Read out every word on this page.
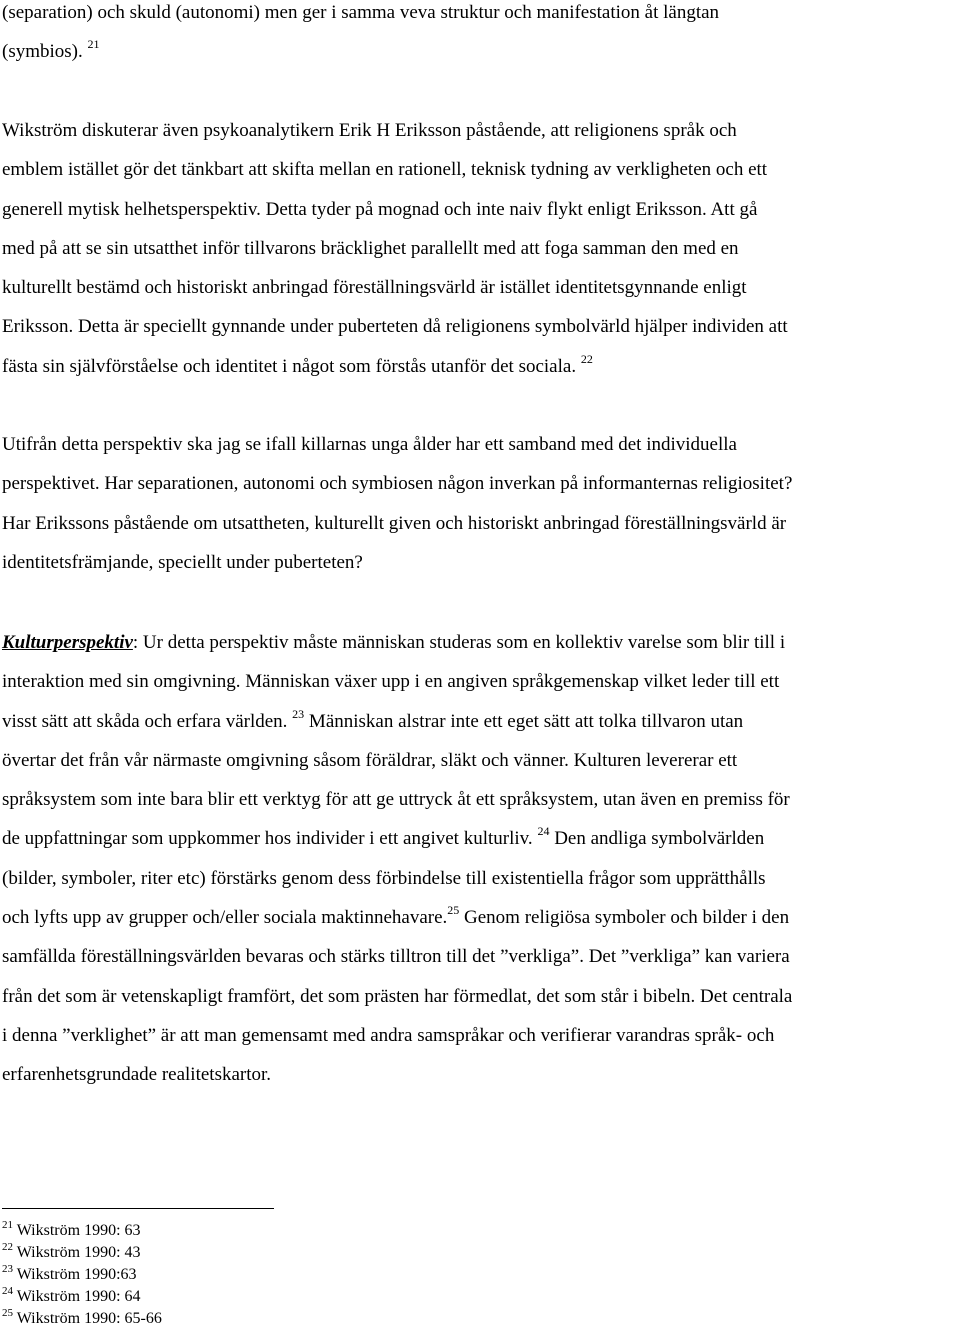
(separation) och skuld (autonomi) men ger i samma veva struktur och manifestation åt längtan
(symbios). $^{21}$
Wikström diskuterar även psykoanalytikern Erik H Eriksson påstående, att religionens språk och
emblem istället gör det tänkbart att skifta mellan en rationell, teknisk tydning av verkligheten och ett
generell mytisk helhetsperspektiv. Detta tyder på mognad och inte naiv flykt enligt Eriksson. Att gå
med på att se sin utsatthet inför tillvarons bräcklighet parallellt med att foga samman den med en
kulturellt bestämd och historiskt anbringad föreställningsvärld är istället identitetsgynnande enligt
Eriksson. Detta är speciellt gynnande under puberteten då religionens symbolvärld hjälper individen att
fästa sin självförståelse och identitet i något som förstås utanför det sociala. $^{22}$
Utifrån detta perspektiv ska jag se ifall killarnas unga ålder har ett samband med det individuella
perspektivet. Har separationen, autonomi och symbiosen någon inverkan på informanternas religiositet?
Har Erikssons påstående om utsattheten, kulturellt given och historiskt anbringad föreställningsvärld är
identitetsfrämjande, speciellt under puberteten?
Kulturperspektiv: Ur detta perspektiv måste människan studeras som en kollektiv varelse som blir till i
interaktion med sin omgivning. Människan växer upp i en angiven språkgemenskap vilket leder till ett
visst sätt att skåda och erfara världen. $^{23}$ Människan alstrar inte ett eget sätt att tolka tillvaron utan
övertar det från vår närmaste omgivning såsom föräldrar, släkt och vänner. Kulturen levererar ett
språksystem som inte bara blir ett verktyg för att ge uttryck åt ett språksystem, utan även en premiss för
de uppfattningar som uppkommer hos individer i ett angivet kulturliv. $^{24}$ Den andliga symbolvärlden
(bilder, symboler, riter etc) förstärks genom dess förbindelse till existentiella frågor som upprätthålls
och lyfts upp av grupper och/eller sociala maktinnehavare.$^{25}$ Genom religiösa symboler och bilder i den
samfällda föreställningsvärlden bevaras och stärks tilltron till det ”verkliga”. Det ”verkliga” kan variera
från det som är vetenskapligt framfört, det som prästen har förmedlat, det som står i bibeln. Det centrala
i denna ”verklighet” är att man gemensamt med andra samspråkar och verifierar varandras språk- och
erfarenhetsgrundade realitetskartor.
$^{21}$ Wikström 1990: 63
$^{22}$ Wikström 1990: 43
$^{23}$ Wikström 1990:63
$^{24}$ Wikström 1990: 64
$^{25}$ Wikström 1990: 65-66
